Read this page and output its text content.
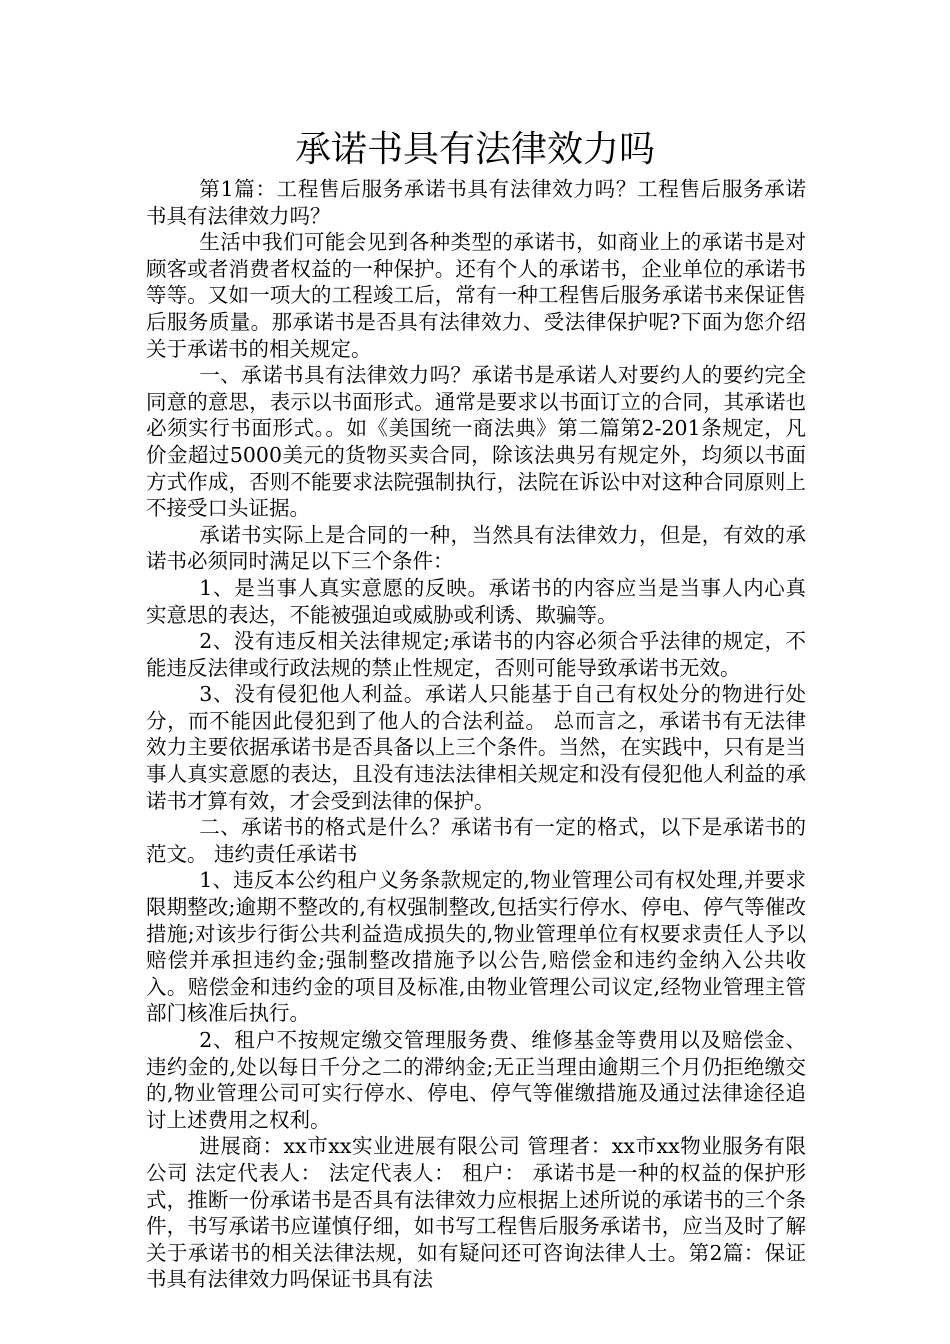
承诺书具有法律效力吗

第1篇：工程售后服务承诺书具有法律效力吗？工程售后服务承诺书具有法律效力吗？

生活中我们可能会见到各种类型的承诺书，如商业上的承诺书是对顾客或者消费者权益的一种保护。还有个人的承诺书，企业单位的承诺书等等。又如一项大的工程竣工后，常有一种工程售后服务承诺书来保证售后服务质量。那承诺书是否具有法律效力、受法律保护呢?下面为您介绍关于承诺书的相关规定。

一、承诺书具有法律效力吗？承诺书是承诺人对要约人的要约完全同意的意思，表示以书面形式。通常是要求以书面订立的合同，其承诺也必须实行书面形式。。如《美国统一商法典》第二篇第2-201条规定，凡价金超过5000美元的货物买卖合同，除该法典另有规定外，均须以书面方式作成，否则不能要求法院强制执行，法院在诉讼中对这种合同原则上不接受口头证据。

承诺书实际上是合同的一种，当然具有法律效力，但是，有效的承诺书必须同时满足以下三个条件：

1、是当事人真实意愿的反映。承诺书的内容应当是当事人内心真实意思的表达，不能被强迫或威胁或利诱、欺骗等。

2、没有违反相关法律规定;承诺书的内容必须合乎法律的规定，不能违反法律或行政法规的禁止性规定，否则可能导致承诺书无效。

3、没有侵犯他人利益。承诺人只能基于自己有权处分的物进行处分，而不能因此侵犯到了他人的合法利益。 总而言之，承诺书有无法律效力主要依据承诺书是否具备以上三个条件。当然，在实践中，只有是当事人真实意愿的表达，且没有违法法律相关规定和没有侵犯他人利益的承诺书才算有效，才会受到法律的保护。

二、承诺书的格式是什么？承诺书有一定的格式，以下是承诺书的范文。 违约责任承诺书

1、违反本公约租户义务条款规定的,物业管理公司有权处理,并要求限期整改;逾期不整改的,有权强制整改,包括实行停水、停电、停气等催改措施;对该步行街公共利益造成损失的,物业管理单位有权要求责任人予以赔偿并承担违约金;强制整改措施予以公告,赔偿金和违约金纳入公共收入。赔偿金和违约金的项目及标准,由物业管理公司议定,经物业管理主管部门核准后执行。

2、租户不按规定缴交管理服务费、维修基金等费用以及赔偿金、违约金的,处以每日千分之二的滞纳金;无正当理由逾期三个月仍拒绝缴交的,物业管理公司可实行停水、停电、停气等催缴措施及通过法律途径追讨上述费用之权利。

进展商：xx市xx实业进展有限公司 管理者：xx市xx物业服务有限公司 法定代表人： 法定代表人： 租户： 承诺书是一种的权益的保护形式，推断一份承诺书是否具有法律效力应根据上述所说的承诺书的三个条件，书写承诺书应谨慎仔细，如书写工程售后服务承诺书，应当及时了解关于承诺书的相关法律法规，如有疑问还可咨询法律人士。第2篇：保证书具有法律效力吗保证书具有法
